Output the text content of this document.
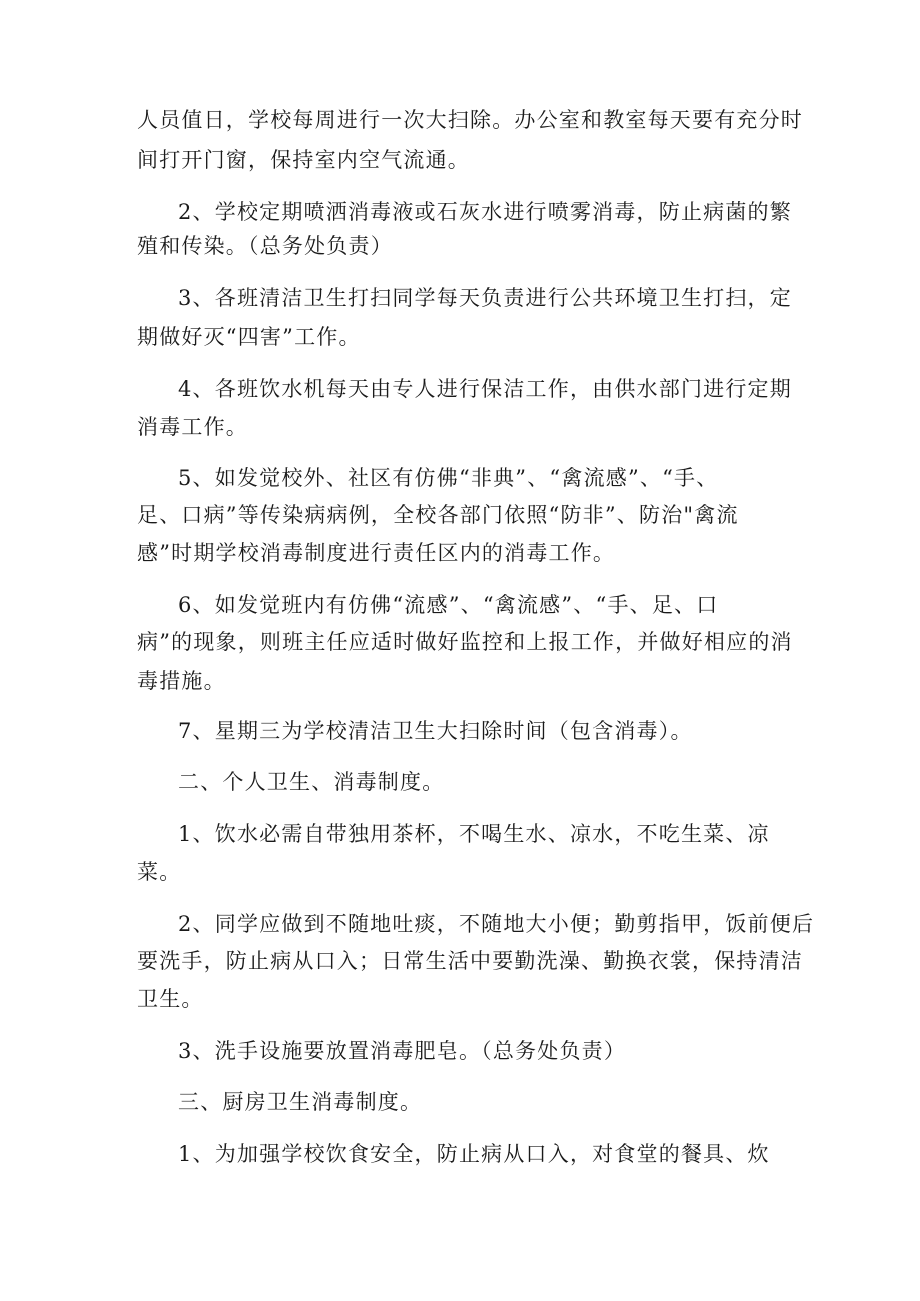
人员值日，学校每周进行一次大扫除。办公室和教室每天要有充分时
间打开门窗，保持室内空气流通。
2、学校定期喷洒消毒液或石灰水进行喷雾消毒，防止病菌的繁
殖和传染。（总务处负责）
3、各班清洁卫生打扫同学每天负责进行公共环境卫生打扫，定
期做好灭“四害”工作。
4、各班饮水机每天由专人进行保洁工作，由供水部门进行定期
消毒工作。
5、如发觉校外、社区有仿佛“非典”、“禽流感”、“手、
足、口病”等传染病病例，全校各部门依照“防非”、防治"禽流
感”时期学校消毒制度进行责任区内的消毒工作。
6、如发觉班内有仿佛“流感”、“禽流感”、“手、足、口
病”的现象，则班主任应适时做好监控和上报工作，并做好相应的消
毒措施。
7、星期三为学校清洁卫生大扫除时间（包含消毒）。
二、个人卫生、消毒制度。
1、饮水必需自带独用茶杯，不喝生水、凉水，不吃生菜、凉
菜。
2、同学应做到不随地吐痰，不随地大小便；勤剪指甲，饭前便后
要洗手，防止病从口入；日常生活中要勤洗澡、勤换衣裳，保持清洁
卫生。
3、洗手设施要放置消毒肥皂。（总务处负责）
三、厨房卫生消毒制度。
1、为加强学校饮食安全，防止病从口入，对食堂的餐具、炊
